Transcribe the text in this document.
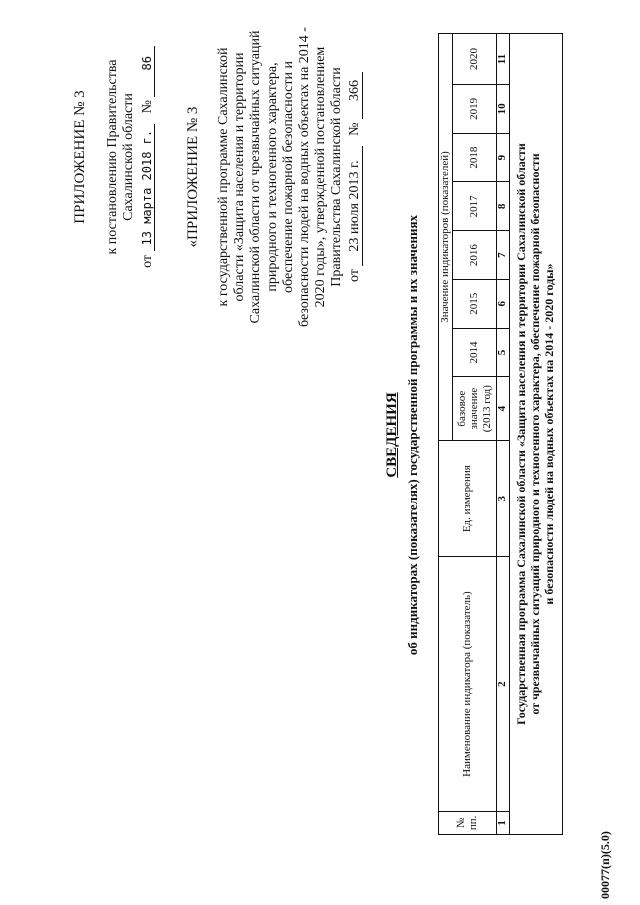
ПРИЛОЖЕНИЕ № 3 к постановлению Правительства Сахалинской области
от 13 марта 2018 г.   № 86
«ПРИЛОЖЕНИЕ № 3 к государственной программе Сахалинской области «Защита населения и территории Сахалинской области от чрезвычайных ситуаций природного и техногенного характера, обеспечение пожарной безопасности и безопасности людей на водных объектах на 2014 - 2020 годы», утвержденной постановлением Правительства Сахалинской области от 23 июля 2013 г.   № 366
СВЕДЕНИЯ об индикаторах (показателях) государственной программы и их значениях
№ пп.	Наименование индикатора (показатель)	Ед. измерения	Значение индикаторов (показателей)							

			базовое значение (2013 год)	2014	2015	2016	2017	2018	2019	2020
1	2	3	4	5	6	7	8	9	10	11

Государственная программа Сахалинской области «Защита населения и территории Сахалинской области от чрезвычайных ситуаций природного и техногенного характера, обеспечение пожарной безопасности и безопасности людей на водных объектах на 2014 - 2020 годы»										
00077(п)(5.0)
